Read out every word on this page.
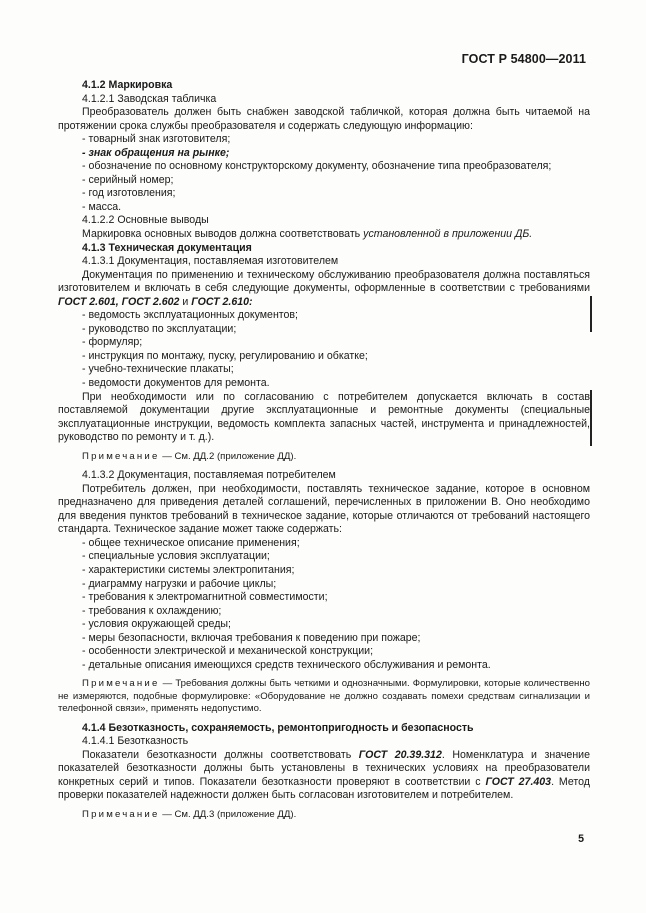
ГОСТ Р 54800—2011

4.1.2 Маркировка

4.1.2.1 Заводская табличка

Преобразователь должен быть снабжен заводской табличкой, которая должна быть читаемой на протяжении срока службы преобразователя и содержать следующую информацию:

- товарный знак изготовителя;

- знак обращения на рынке;

- обозначение по основному конструкторскому документу, обозначение типа преобразователя;

- серийный номер;

- год изготовления;

- масса.

4.1.2.2 Основные выводы

Маркировка основных выводов должна соответствовать установленной в приложении ДБ.

4.1.3 Техническая документация

4.1.3.1 Документация, поставляемая изготовителем

Документация по применению и техническому обслуживанию преобразователя должна поставляться изготовителем и включать в себя следующие документы, оформленные в соответствии с требованиями ГОСТ 2.601, ГОСТ 2.602 и ГОСТ 2.610:

- ведомость эксплуатационных документов;

- руководство по эксплуатации;

- формуляр;

- инструкция по монтажу, пуску, регулированию и обкатке;

- учебно-технические плакаты;

- ведомости документов для ремонта.

При необходимости или по согласованию с потребителем допускается включать в состав поставляемой документации другие эксплуатационные и ремонтные документы (специальные эксплуатационные инструкции, ведомость комплекта запасных частей, инструмента и принадлежностей, руководство по ремонту и т. д.).

Примечание — См. ДД.2 (приложение ДД).

4.1.3.2 Документация, поставляемая потребителем

Потребитель должен, при необходимости, поставлять техническое задание, которое в основном предназначено для приведения деталей соглашений, перечисленных в приложении В. Оно необходимо для введения пунктов требований в техническое задание, которые отличаются от требований настоящего стандарта. Техническое задание может также содержать:

- общее техническое описание применения;

- специальные условия эксплуатации;

- характеристики системы электропитания;

- диаграмму нагрузки и рабочие циклы;

- требования к электромагнитной совместимости;

- требования к охлаждению;

- условия окружающей среды;

- меры безопасности, включая требования к поведению при пожаре;

- особенности электрической и механической конструкции;

- детальные описания имеющихся средств технического обслуживания и ремонта.

Примечание — Требования должны быть четкими и однозначными. Формулировки, которые количественно не измеряются, подобные формулировке: «Оборудование не должно создавать помехи средствам сигнализации и телефонной связи», применять недопустимо.

4.1.4 Безотказность, сохраняемость, ремонтопригодность и безопасность

4.1.4.1 Безотказность

Показатели безотказности должны соответствовать ГОСТ 20.39.312. Номенклатура и значение показателей безотказности должны быть установлены в технических условиях на преобразователи конкретных серий и типов. Показатели безотказности проверяют в соответствии с ГОСТ 27.403. Метод проверки показателей надежности должен быть согласован изготовителем и потребителем.

Примечание — См. ДД.3 (приложение ДД).

5
